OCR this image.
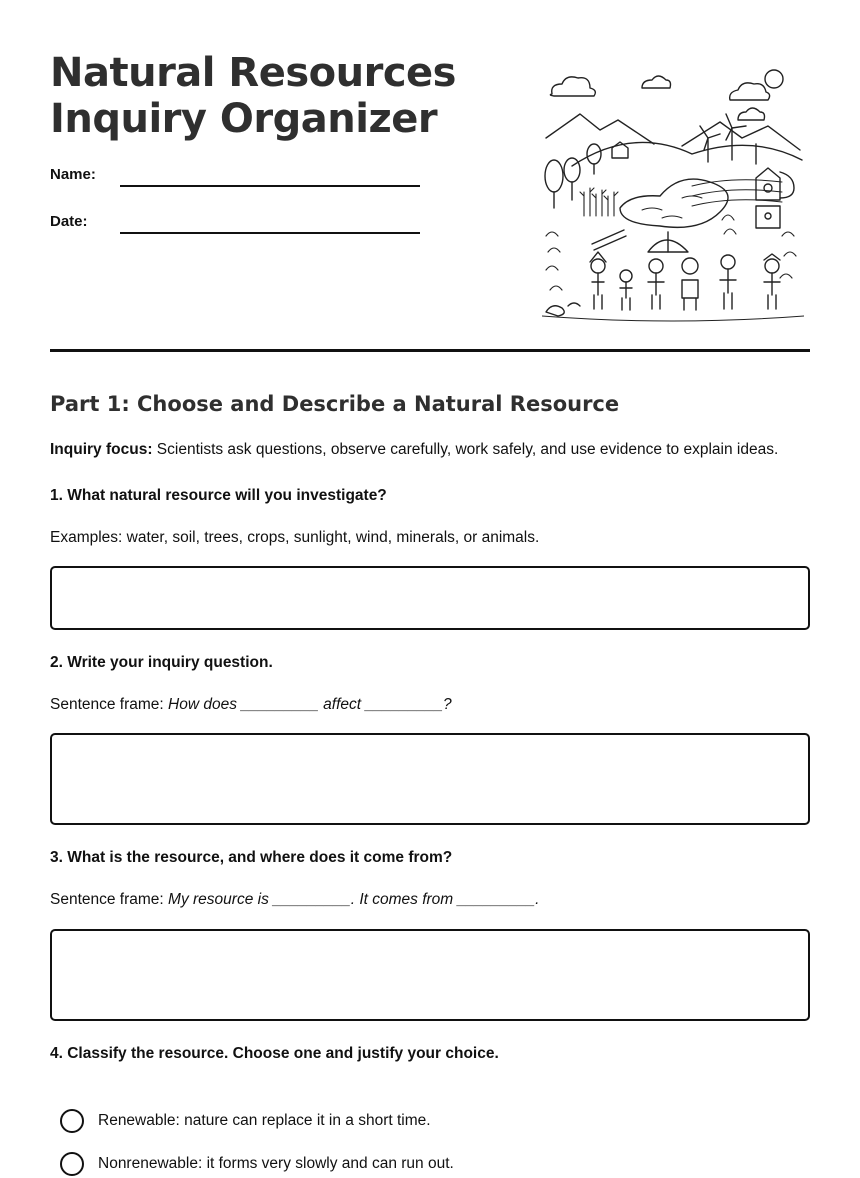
Natural Resources
Inquiry Organizer
Name:
Date:
Part 1: Choose and Describe a Natural Resource

Inquiry focus: Scientists ask questions, observe carefully, work safely, and use evidence to explain ideas.

1. What natural resource will you investigate?

Examples: water, soil, trees, crops, sunlight, wind, minerals, or animals.

2. Write your inquiry question.

Sentence frame: How does _________ affect _________?

3. What is the resource, and where does it come from?

Sentence frame: My resource is _________. It comes from _________.

4. Classify the resource. Choose one and justify your choice.

Renewable: nature can replace it in a short time.
Nonrenewable: it forms very slowly and can run out.
